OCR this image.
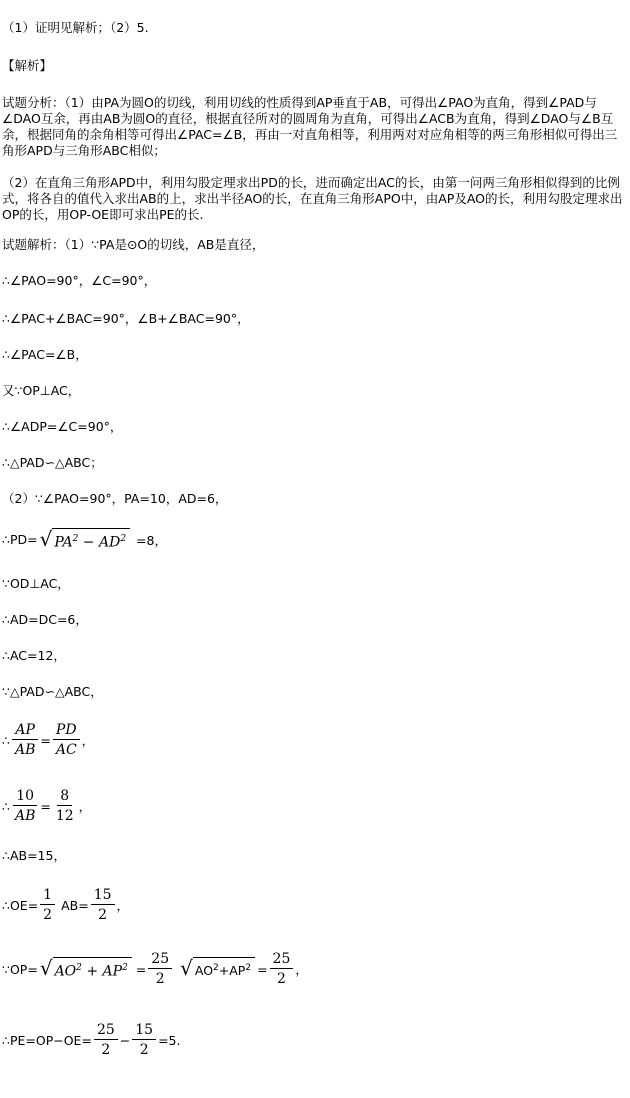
（1）证明见解析；（2）5.
【解析】
试题分析：（1）由PA为圆O的切线，利用切线的性质得到AP垂直于AB，可得出∠PAO为直角，得到∠PAD与∠DAO互余，再由AB为圆O的直径，根据直径所对的圆周角为直角，可得出∠ACB为直角，得到∠DAO与∠B互余，根据同角的余角相等可得出∠PAC=∠B，再由一对直角相等，利用两对对应角相等的两三角形相似可得出三角形APD与三角形ABC相似；
（2）在直角三角形APD中，利用勾股定理求出PD的长，进而确定出AC的长，由第一问两三角形相似得到的比例式，将各自的值代入求出AB的上，求出半径AO的长，在直角三角形APO中，由AP及AO的长，利用勾股定理求出OP的长，用OP-OE即可求出PE的长.
试题解析：（1）∵PA是⊙O的切线，AB是直径，
∴∠PAO=90°，∠C=90°，
∴∠PAC+∠BAC=90°，∠B+∠BAC=90°，
∴∠PAC=∠B，
又∵OP⊥AC，
∴∠ADP=∠C=90°，
∴△PAD∽△ABC；
（2）∵∠PAO=90°，PA=10，AD=6，
∴PD= √ $PA^2 - AD^2 =8$，
∵OD⊥AC，
∴AD=DC=6，
∴AC=12，
∵△PAD∽△ABC，
∴ $\frac{AP}{AB} = \frac{PD}{AC}$ ，
∴ $\frac{10}{AB} = \frac{8}{12}$ ，
∴AB=15，
∴OE= $\frac{1}{2} AB= \frac{15}{2}$ ，
∵OP= √ $AO^2 + AP^2 = \frac{25}{2}$ √ $AO^2+AP^2 = \frac{25}{2}$ ，
∴PE=OP−OE= $\frac{25}{2} - \frac{15}{2} =5$.
